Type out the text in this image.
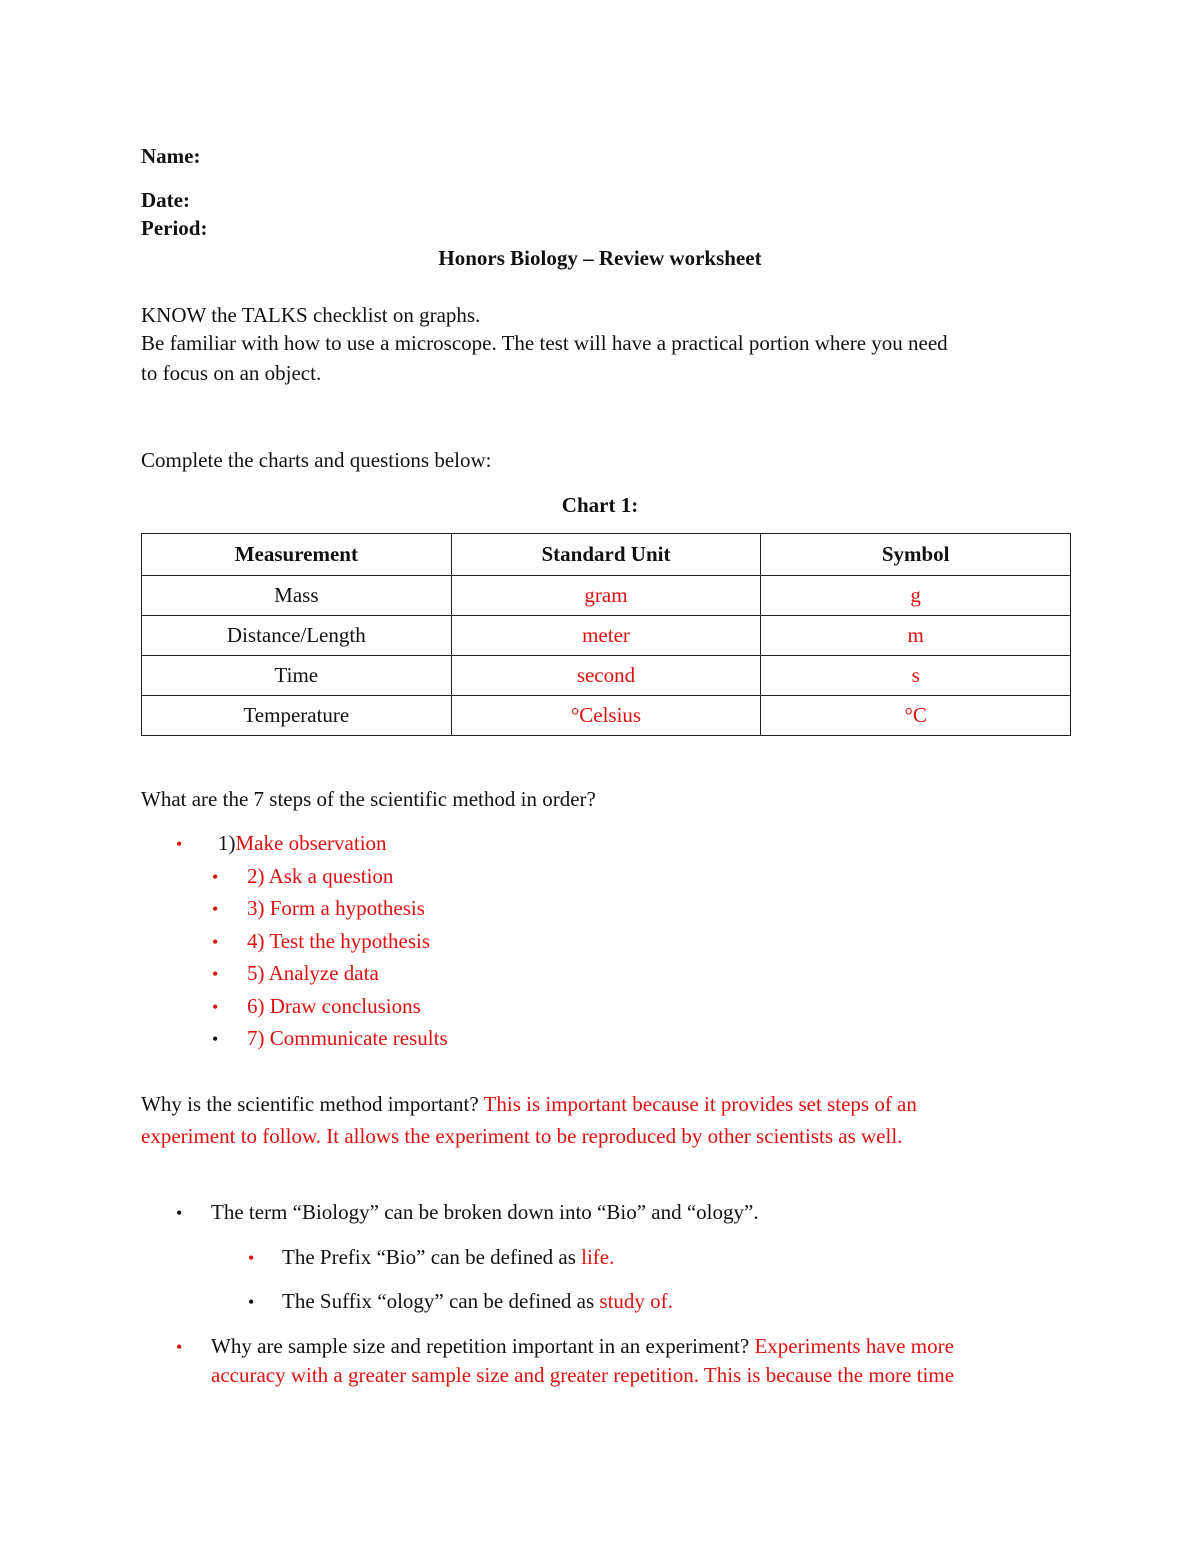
Name:
Date:
Period:
Honors Biology – Review worksheet
KNOW the TALKS checklist on graphs.
Be familiar with how to use a microscope. The test will have a practical portion where you need
to focus on an object.
Complete the charts and questions below:
Chart 1:
Measurement	Standard Unit	Symbol
Mass	gram	g
Distance/Length	meter	m
Time	second	s
Temperature	°Celsius	°C
What are the 7 steps of the scientific method in order?
• 1)Make observation
• 2) Ask a question
• 3) Form a hypothesis
• 4) Test the hypothesis
• 5) Analyze data
• 6) Draw conclusions
• 7) Communicate results
Why is the scientific method important? This is important because it provides set steps of an
experiment to follow. It allows the experiment to be reproduced by other scientists as well.
• The term “Biology” can be broken down into “Bio” and “ology”.
• The Prefix “Bio” can be defined as life.
• The Suffix “ology” can be defined as study of.
• Why are sample size and repetition important in an experiment? Experiments have more
accuracy with a greater sample size and greater repetition. This is because the more time
